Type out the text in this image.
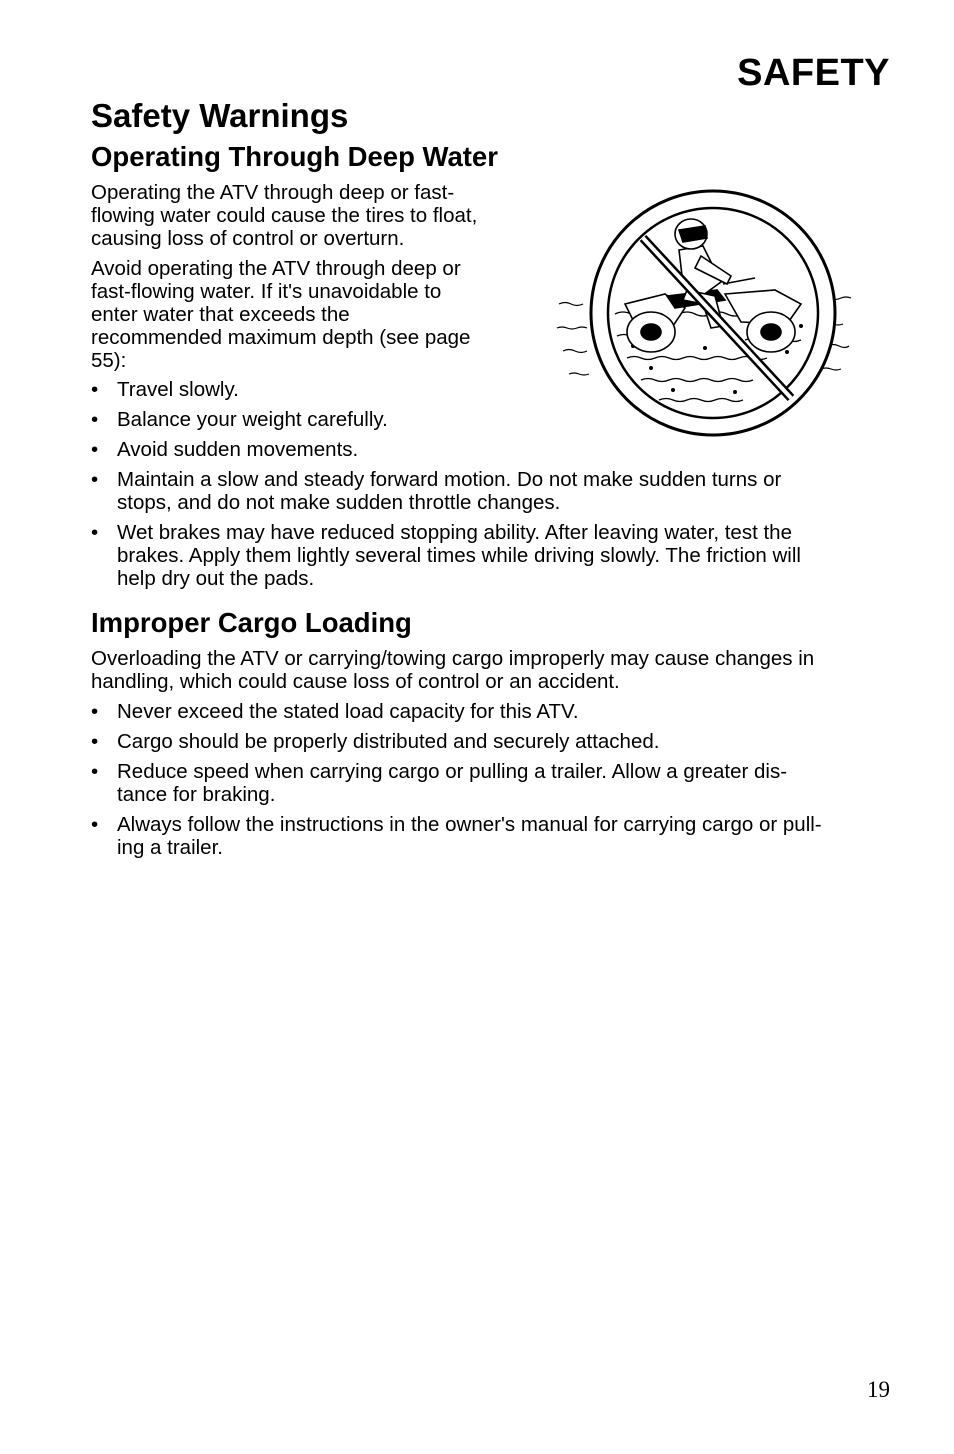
SAFETY
Safety Warnings
Operating Through Deep Water

Operating the ATV through deep or fast-
flowing water could cause the tires to float,
causing loss of control or overturn.

Avoid operating the ATV through deep or
fast-flowing water. If it's unavoidable to
enter water that exceeds the
recommended maximum depth (see page
55):

• Travel slowly.
• Balance your weight carefully.
• Avoid sudden movements.
• Maintain a slow and steady forward motion. Do not make sudden turns or
stops, and do not make sudden throttle changes.
• Wet brakes may have reduced stopping ability. After leaving water, test the
brakes. Apply them lightly several times while driving slowly. The friction will
help dry out the pads.
Improper Cargo Loading

Overloading the ATV or carrying/towing cargo improperly may cause changes in
handling, which could cause loss of control or an accident.

• Never exceed the stated load capacity for this ATV.
• Cargo should be properly distributed and securely attached.
• Reduce speed when carrying cargo or pulling a trailer. Allow a greater dis-
tance for braking.
• Always follow the instructions in the owner's manual for carrying cargo or pull-
ing a trailer.

19
